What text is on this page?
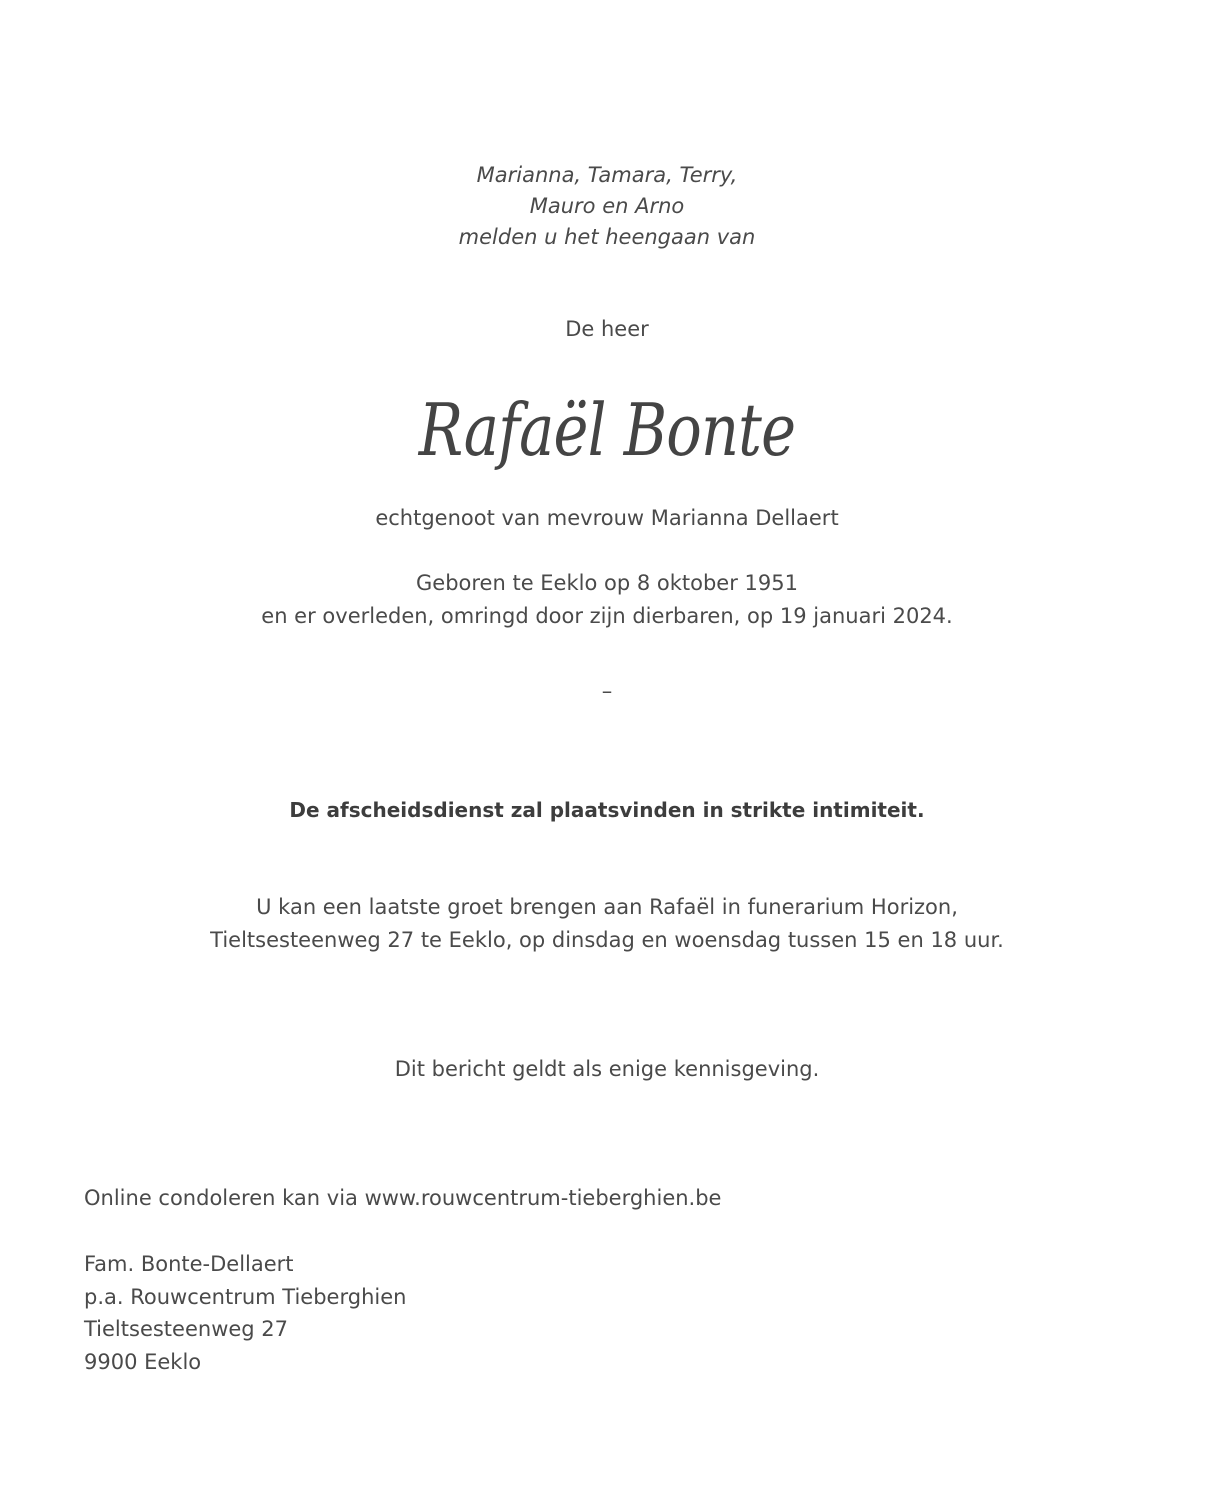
Marianna, Tamara, Terry,
Mauro en Arno
melden u het heengaan van
De heer
Rafaël Bonte
echtgenoot van mevrouw Marianna Dellaert
Geboren te Eeklo op 8 oktober 1951
en er overleden, omringd door zijn dierbaren, op 19 januari 2024.
–
De afscheidsdienst zal plaatsvinden in strikte intimiteit.
U kan een laatste groet brengen aan Rafaël in funerarium Horizon,
Tieltsesteenweg 27 te Eeklo, op dinsdag en woensdag tussen 15 en 18 uur.
Dit bericht geldt als enige kennisgeving.
Online condoleren kan via www.rouwcentrum-tieberghien.be
Fam. Bonte-Dellaert
p.a. Rouwcentrum Tieberghien
Tieltsesteenweg 27
9900 Eeklo
